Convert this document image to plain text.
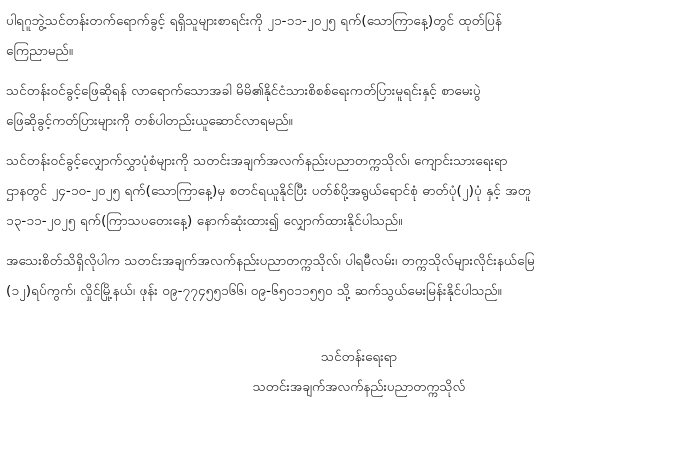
ပါရဂူဘွဲ့သင်တန်းတက်ရောက်ခွင့် ရရှိသူများစာရင်းကို ၂၁-၁၁-၂၀၂၅ ရက်(သောကြာနေ့)တွင် ထုတ်ပြန်
ကြေညာမည်။
သင်တန်းဝင်ခွင့်ဖြေဆိုရန် လာရောက်သောအခါ မိမိ၏နိုင်ငံသားစိစစ်ရေးကတ်ပြားမူရင်းနှင့် စာမေးပွဲ
ဖြေဆိုခွင့်ကတ်ပြားများကို တစ်ပါတည်းယူဆောင်လာရမည်။
သင်တန်းဝင်ခွင့်လျှောက်လွှာပုံစံများကို သတင်းအချက်အလက်နည်းပညာတက္ကသိုလ်၊ ကျောင်းသားရေးရာ
ဌာနတွင် ၂၄-၁၀-၂၀၂၅ ရက်(သောကြာနေ့)မှ စတင်ရယူနိုင်ပြီး ပတ်စ်ပို့အရွယ်ရောင်စုံ ဓာတ်ပုံ(၂)ပုံ နှင့် အတူ
၁၃-၁၁-၂၀၂၅ ရက်(ကြာသပတေးနေ့) နောက်ဆုံးထား၍ လျှောက်ထားနိုင်ပါသည်။
အသေးစိတ်သိရှိလိုပါက သတင်းအချက်အလက်နည်းပညာတက္ကသိုလ်၊ ပါရမီလမ်း၊ တက္ကသိုလ်များလိုင်းနယ်မြေ
(၁၂)ရပ်ကွက်၊ လှိုင်မြို့နယ်၊ ဖုန်း ၀၉-၇၇၄၅၅၁၆၆၊ ၀၉-၆၅၀၁၁၅၅၀ သို့ ဆက်သွယ်မေးမြန်းနိုင်ပါသည်။
သင်တန်းရေးရာ
သတင်းအချက်အလက်နည်းပညာတက္ကသိုလ်
